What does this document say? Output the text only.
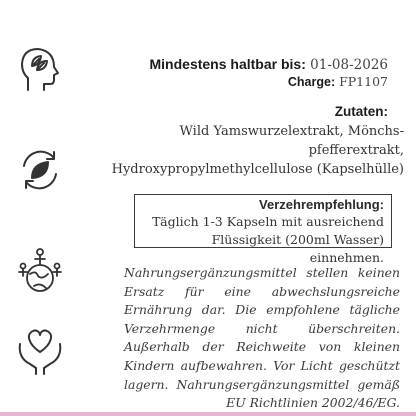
Mindestens haltbar bis: 01-08-2026
Charge: FP1107
Zutaten:
Wild Yamswurzelextrakt, Mönchs-pfefferextrakt, Hydroxypropylmethylcellulose (Kapselhülle)
Verzehrempfehlung:
Täglich 1-3 Kapseln mit ausreichend Flüssigkeit (200ml Wasser) einnehmen.
Nahrungsergänzungsmittel stellen keinen Ersatz für eine abwechslungsreiche Ernährung dar. Die empfohlene tägliche Verzehrmenge nicht überschreiten. Außerhalb der Reichweite von kleinen Kindern aufbewahren. Vor Licht geschützt lagern. Nahrungsergänzungsmittel gemäß EU Richtlinien 2002/46/EG.
